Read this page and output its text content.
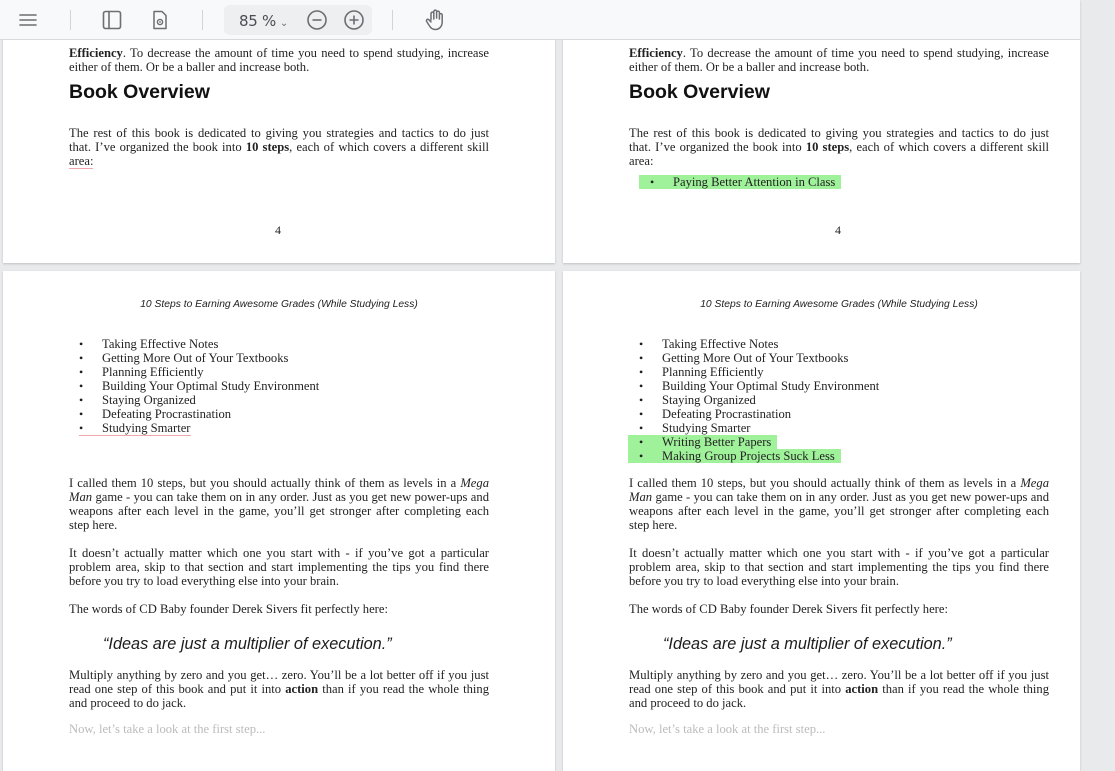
85 % ⌄

Efficiency. To decrease the amount of time you need to spend studying, increase either of them. Or be a baller and increase both.

Book Overview

The rest of this book is dedicated to giving you strategies and tactics to do just that. I’ve organized the book into 10 steps, each of which covers a different skill area:

4

Efficiency. To decrease the amount of time you need to spend studying, increase either of them. Or be a baller and increase both.

Book Overview

The rest of this book is dedicated to giving you strategies and tactics to do just that. I’ve organized the book into 10 steps, each of which covers a different skill area:

• Paying Better Attention in Class
4
10 Steps to Earning Awesome Grades (While Studying Less)
• Taking Effective Notes
• Getting More Out of Your Textbooks
• Planning Efficiently
• Building Your Optimal Study Environment
• Staying Organized
• Defeating Procrastination
• Studying Smarter

I called them 10 steps, but you should actually think of them as levels in a Mega Man game - you can take them on in any order. Just as you get new power-ups and weapons after each level in the game, you’ll get stronger after completing each step here.

It doesn’t actually matter which one you start with - if you’ve got a particular problem area, skip to that section and start implementing the tips you find there before you try to load everything else into your brain.

The words of CD Baby founder Derek Sivers fit perfectly here:

“Ideas are just a multiplier of execution.”

Multiply anything by zero and you get… zero. You’ll be a lot better off if you just read one step of this book and put it into action than if you read the whole thing and proceed to do jack.

Now, let’s take a look at the first step...
10 Steps to Earning Awesome Grades (While Studying Less)
• Taking Effective Notes
• Getting More Out of Your Textbooks
• Planning Efficiently
• Building Your Optimal Study Environment
• Staying Organized
• Defeating Procrastination
• Studying Smarter
• Writing Better Papers
• Making Group Projects Suck Less

I called them 10 steps, but you should actually think of them as levels in a Mega Man game - you can take them on in any order. Just as you get new power-ups and weapons after each level in the game, you’ll get stronger after completing each step here.

It doesn’t actually matter which one you start with - if you’ve got a particular problem area, skip to that section and start implementing the tips you find there before you try to load everything else into your brain.

The words of CD Baby founder Derek Sivers fit perfectly here:

“Ideas are just a multiplier of execution.”

Multiply anything by zero and you get… zero. You’ll be a lot better off if you just read one step of this book and put it into action than if you read the whole thing and proceed to do jack.

Now, let’s take a look at the first step...
